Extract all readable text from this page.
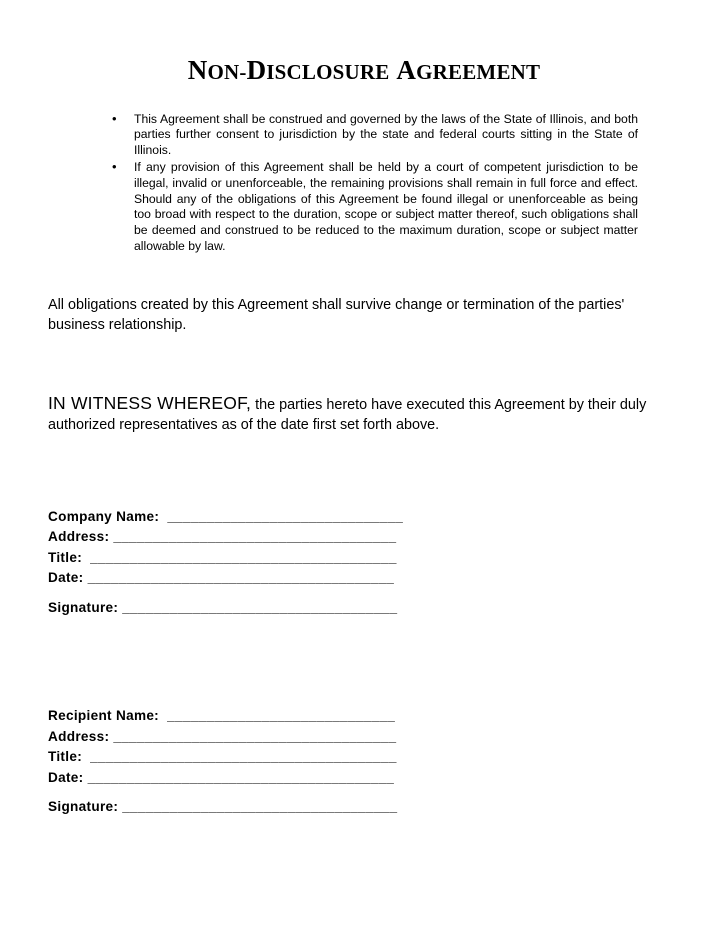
NON-DISCLOSURE AGREEMENT
• This Agreement shall be construed and governed by the laws of the State of Illinois, and both parties further consent to jurisdiction by the state and federal courts sitting in the State of Illinois.
• If any provision of this Agreement shall be held by a court of competent jurisdiction to be illegal, invalid or unenforceable, the remaining provisions shall remain in full force and effect. Should any of the obligations of this Agreement be found illegal or unenforceable as being too broad with respect to the duration, scope or subject matter thereof, such obligations shall be deemed and construed to be reduced to the maximum duration, scope or subject matter allowable by law.

All obligations created by this Agreement shall survive change or termination of the parties' business relationship.

IN WITNESS WHEREOF, the parties hereto have executed this Agreement by their duly authorized representatives as of the date first set forth above.

Company Name:  ______________________________
Address: ____________________________________
Title:  _______________________________________
Date: _______________________________________
Signature: ___________________________________
Recipient Name:  _____________________________
Address: ____________________________________
Title:  _______________________________________
Date: _______________________________________
Signature: ___________________________________
